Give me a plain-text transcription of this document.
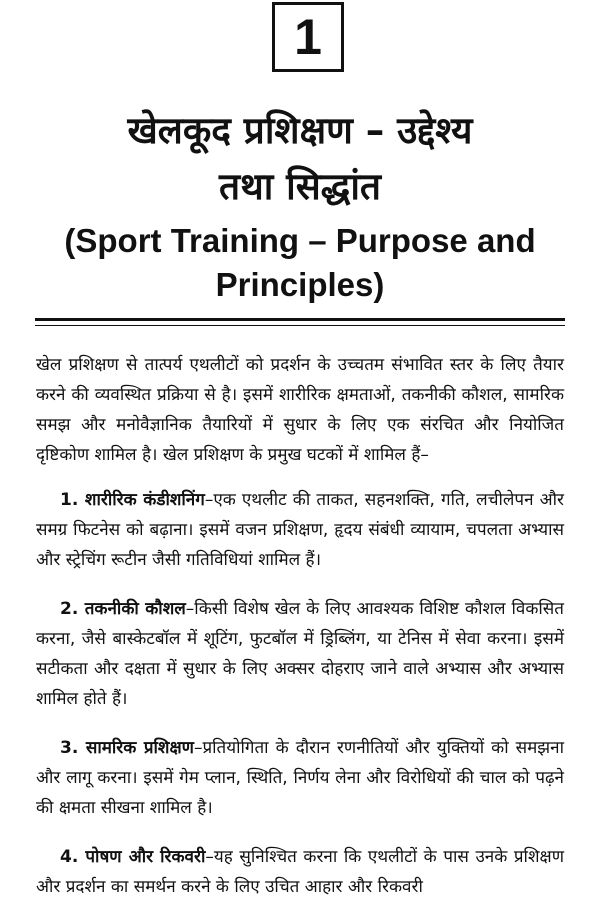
1
खेलकूद प्रशिक्षण – उद्देश्य
तथा सिद्धांत
(Sport Training – Purpose and
Principles)

खेल प्रशिक्षण से तात्पर्य एथलीटों को प्रदर्शन के उच्चतम संभावित स्तर के लिए तैयार करने की व्यवस्थित प्रक्रिया से है। इसमें शारीरिक क्षमताओं, तकनीकी कौशल, सामरिक समझ और मनोवैज्ञानिक तैयारियों में सुधार के लिए एक संरचित और नियोजित दृष्टिकोण शामिल है। खेल प्रशिक्षण के प्रमुख घटकों में शामिल हैं–

1. शारीरिक कंडीशनिंग–एक एथलीट की ताकत, सहनशक्ति, गति, लचीलेपन और समग्र फिटनेस को बढ़ाना। इसमें वजन प्रशिक्षण, हृदय संबंधी व्यायाम, चपलता अभ्यास और स्ट्रेचिंग रूटीन जैसी गतिविधियां शामिल हैं।

2. तकनीकी कौशल–किसी विशेष खेल के लिए आवश्यक विशिष्ट कौशल विकसित करना, जैसे बास्केटबॉल में शूटिंग, फुटबॉल में ड्रिब्लिंग, या टेनिस में सेवा करना। इसमें सटीकता और दक्षता में सुधार के लिए अक्सर दोहराए जाने वाले अभ्यास और अभ्यास शामिल होते हैं।

3. सामरिक प्रशिक्षण–प्रतियोगिता के दौरान रणनीतियों और युक्तियों को समझना और लागू करना। इसमें गेम प्लान, स्थिति, निर्णय लेना और विरोधियों की चाल को पढ़ने की क्षमता सीखना शामिल है।

4. पोषण और रिकवरी–यह सुनिश्चित करना कि एथलीटों के पास उनके प्रशिक्षण और प्रदर्शन का समर्थन करने के लिए उचित आहार और रिकवरी
